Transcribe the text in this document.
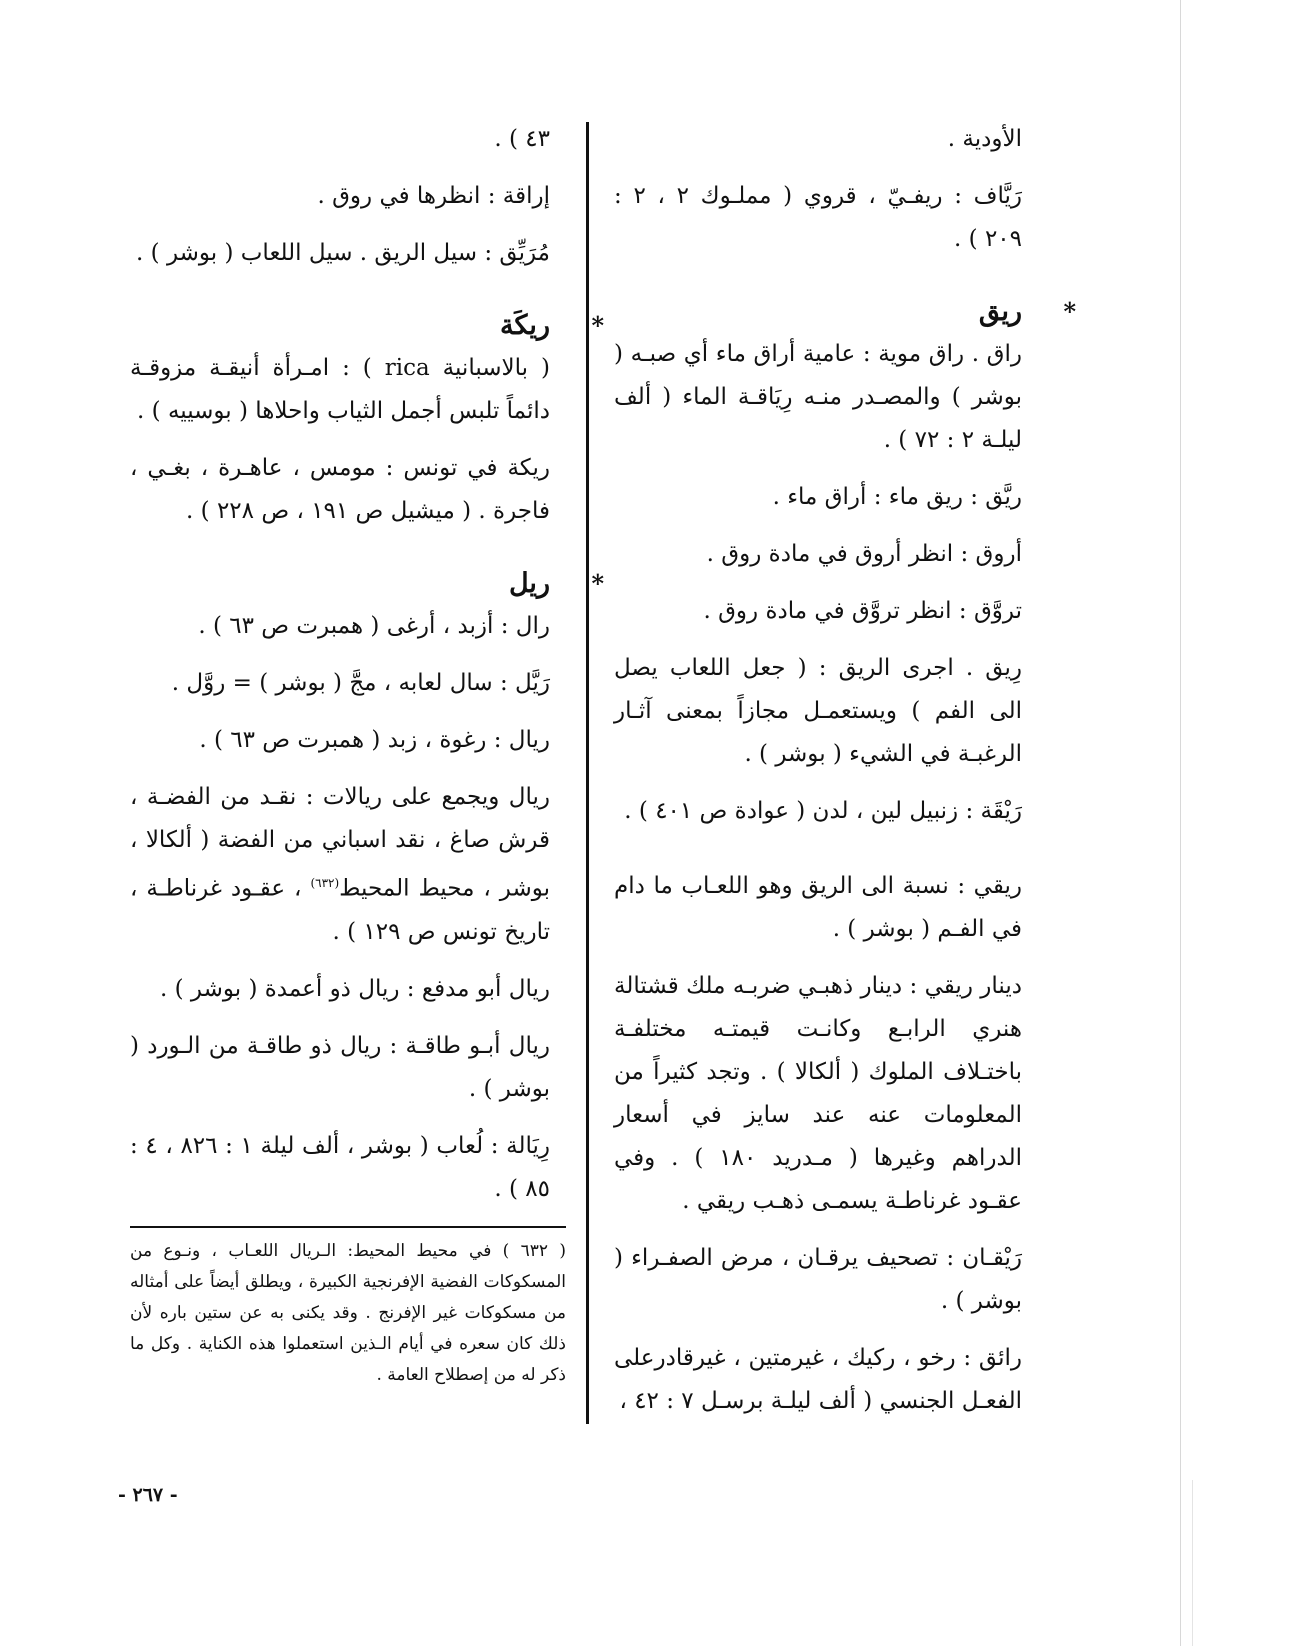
الأودية .

رَيَّاف : ريفـيّ ، قروي ( مملـوك ٢ ، ٢ : ٢٠٩ ) .

*
ريق

راق . راق موية : عامية أراق ماء أي صبـه ( بوشر ) والمصـدر منـه رِيَاقـة الماء ( ألف ليلـة ٢ : ٧٢ ) .

ريَّق : ريق ماء : أراق ماء .

أروق : انظر أروق في مادة روق .

تروَّق : انظر تروَّق في مادة روق .

رِيق . اجرى الريق : ( جعل اللعاب يصل الى الفم ) ويستعمـل مجازاً بمعنى آثـار الرغبـة في الشيء ( بوشر ) .

رَيْقَة : زنبيل لين ، لدن ( عوادة ص ٤٠١ ) .

ريقي : نسبة الى الريق وهو اللعـاب ما دام في الفـم ( بوشر ) .

دينار ريقي : دينار ذهبـي ضربـه ملك قشتالة هنري الرابـع وكانـت قيمتـه مختلفـة باختـلاف الملوك ( ألكالا ) . وتجد كثيراً من المعلومات عنه عند سايز في أسعار الدراهم وغيرها ( مـدريد ١٨٠ ) . وفي عقـود غرناطـة يسمـى ذهـب ريقي .

رَيْقـان : تصحيف يرقـان ، مرض الصفـراء ( بوشر ) .

رائق : رخو ، ركيك ، غيرمتين ، غيرقادرعلى الفعـل الجنسي ( ألف ليلـة برسـل ٧ : ٤٢ ،

٤٣ ) .

إراقة : انظرها في روق .

مُرَيِّق : سيل الريق . سيل اللعاب ( بوشر ) .

*
ريكَة

( بالاسبانية rica ) : امـرأة أنيقـة مزوقـة دائماً تلبس أجمل الثياب واحلاها ( بوسييه ) .

ريكة في تونس : مومس ، عاهـرة ، بغـي ، فاجرة . ( ميشيل ص ١٩١ ، ص ٢٢٨ ) .

*
ريل

رال : أزبد ، أرغى ( همبرت ص ٦٣ ) .

رَيَّل : سال لعابه ، مجَّ ( بوشر ) = روَّل .

ريال : رغوة ، زبد ( همبرت ص ٦٣ ) .

ريال ويجمع على ريالات : نقـد من الفضـة ، قرش صاغ ، نقد اسباني من الفضة ( ألكالا ، بوشر ، محيط المحيط$^{(٦٣٢)}$ ، عقـود غرناطـة ، تاريخ تونس ص ١٢٩ ) .

ريال أبو مدفع : ريال ذو أعمدة ( بوشر ) .

ريال أبـو طاقـة : ريال ذو طاقـة من الـورد ( بوشر ) .

رِيَالة : لُعاب ( بوشر ، ألف ليلة ١ : ٨٢٦ ، ٤ : ٨٥ ) .

( ٦٣٢ ) في محيط المحيط: الـريال اللعـاب ، ونـوع من المسكوكات الفضية الإفرنجية الكبيرة ، ويطلق أيضاً على أمثاله من مسكوكات غير الإفرنج . وقد يكنى به عن ستين باره لأن ذلك كان سعره في أيام الـذين استعملوا هذه الكناية . وكل ما ذكر له من إصطلاح العامة .

- ٢٦٧ -
